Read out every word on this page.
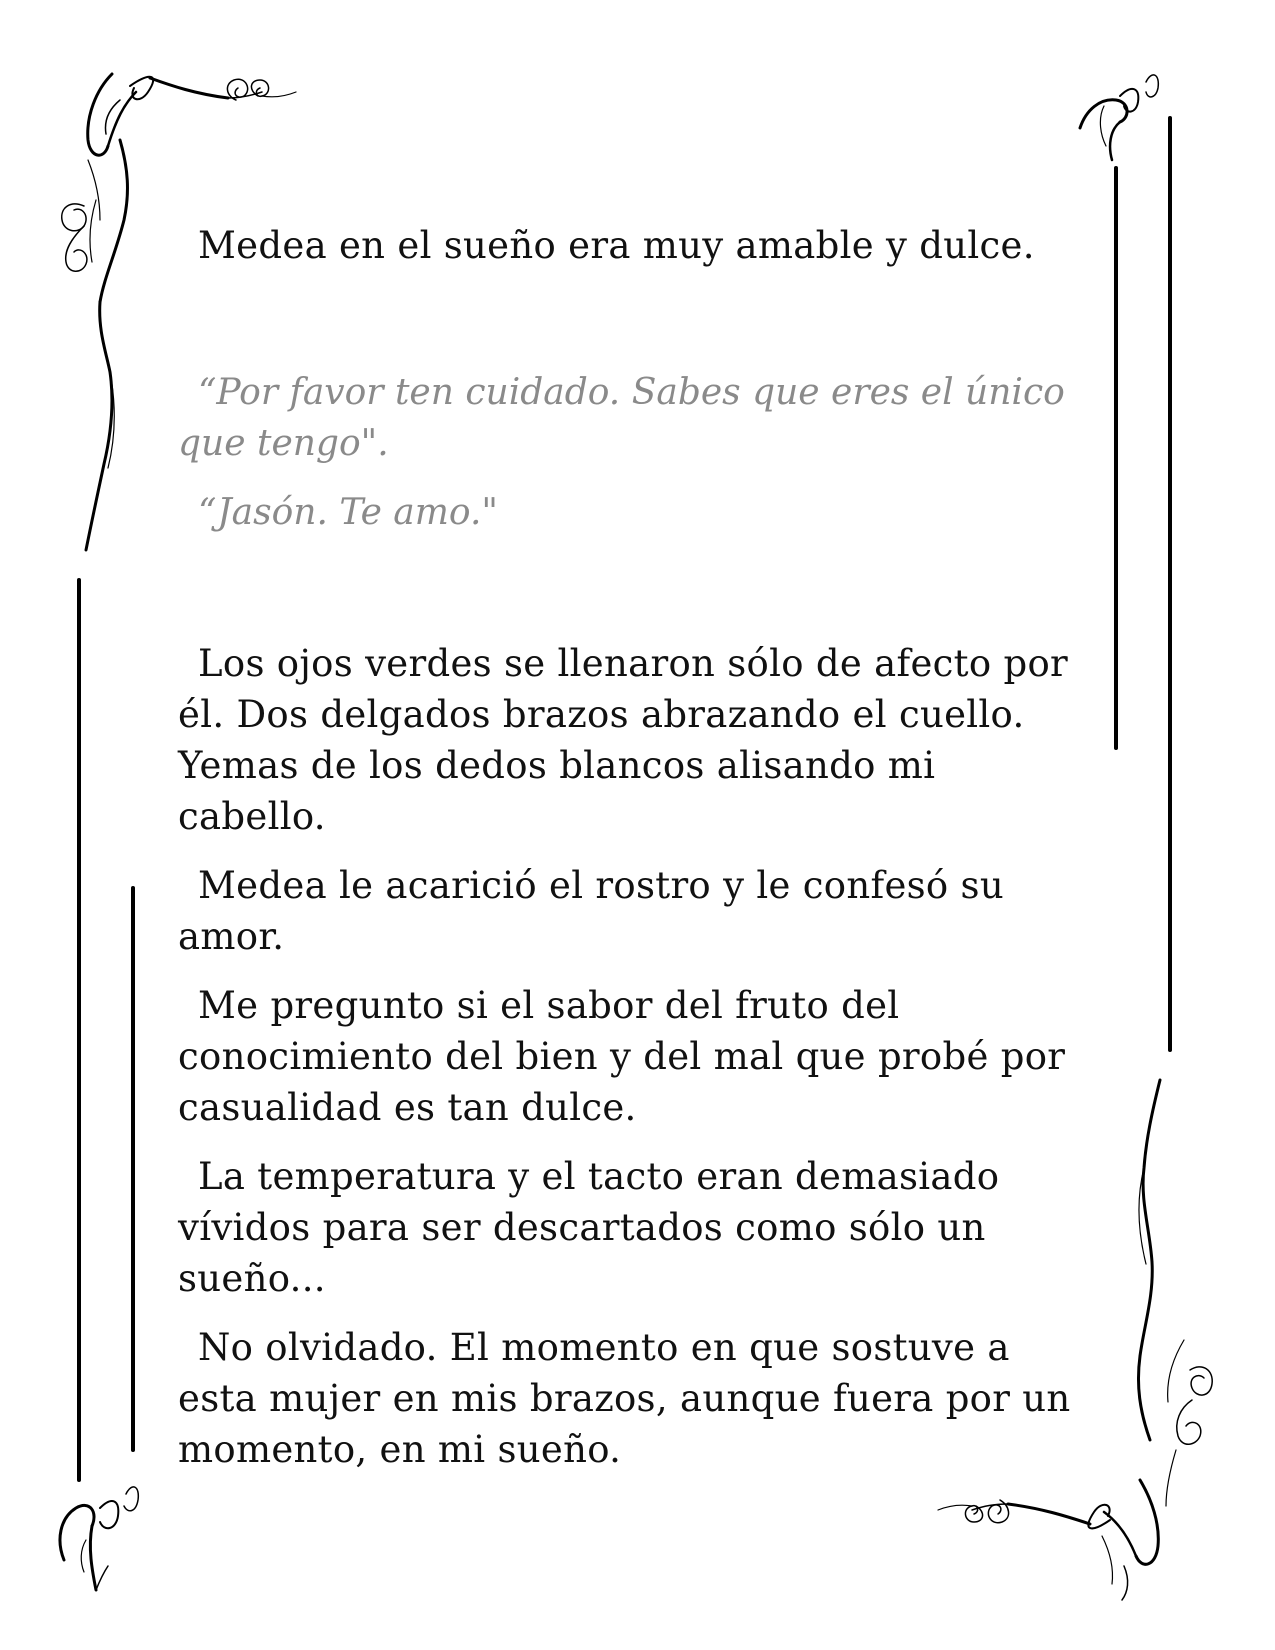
Medea en el sueño era muy amable y dulce.

“Por favor ten cuidado. Sabes que eres el único que tengo".

“Jasón. Te amo."

Los ojos verdes se llenaron sólo de afecto por él. Dos delgados brazos abrazando el cuello. Yemas de los dedos blancos alisando mi cabello.

Medea le acarició el rostro y le confesó su amor.

Me pregunto si el sabor del fruto del conocimiento del bien y del mal que probé por casualidad es tan dulce.

La temperatura y el tacto eran demasiado vívidos para ser descartados como sólo un sueño...

No olvidado. El momento en que sostuve a esta mujer en mis brazos, aunque fuera por un momento, en mi sueño.
